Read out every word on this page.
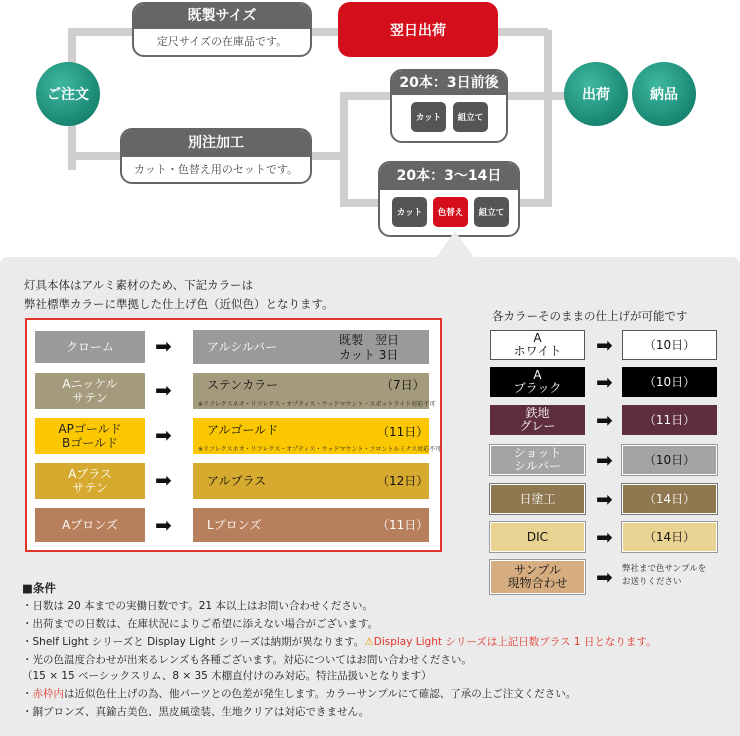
ご注文
既製サイズ
定尺サイズの在庫品です。
翌日出荷
別注加工
カット・色替え用のセットです。
20本：3日前後
カット 組立て
20本：3〜14日
カット 色替え 組立て
出荷	納品
灯具本体はアルミ素材のため、下記カラーは
弊社標準カラーに準拠した仕上げ色（近似色）となります。
クローム ➡	アルシルバー	既製　翌日
カット 3日
Aニッケル
サテン ➡	ステンカラー	（7日）
※リフレクスネオ・リフレクス・オプティス・ウッドマウント・スポットライト対応不可
APゴールド
Bゴールド ➡	アルゴールド	（11日）
※リフレクスネオ・リフレクス・オプティス・ウッドマウント・フロントルミナス対応不可
Aブラス
サテン ➡	アルブラス	（12日）
Aブロンズ ➡	Lブロンズ	（11日）
各カラーそのままの仕上げが可能です
A
ホワイト ➡	（10日）
A
ブラック ➡	（10日）
鉄地
グレー ➡	（11日）
ショット
シルバー ➡	（10日）
日塗工 ➡	（14日）
DIC ➡	（14日）
サンプル
現物合わせ ➡ 弊社まで色サンプルを
お送りください
■条件
・日数は 20 本までの実働日数です。21 本以上はお問い合わせください。
・出荷までの日数は、在庫状況によりご希望に添えない場合がございます。
・Shelf Light シリーズと Display Light シリーズは納期が異なります。⚠Display Light シリーズは上記日数プラス 1 日となります。
・光の色温度合わせが出来るレンズも各種ございます。対応についてはお問い合わせください。
（15 × 15 ベーシックスリム、8 × 35 木棚直付けのみ対応。特注品扱いとなります）
・赤枠内は近似色仕上げの為、他パーツとの色差が発生します。カラーサンプルにて確認、了承の上ご注文ください。
・銅ブロンズ、真鍮古美色、黒皮風塗装、生地クリアは対応できません。
